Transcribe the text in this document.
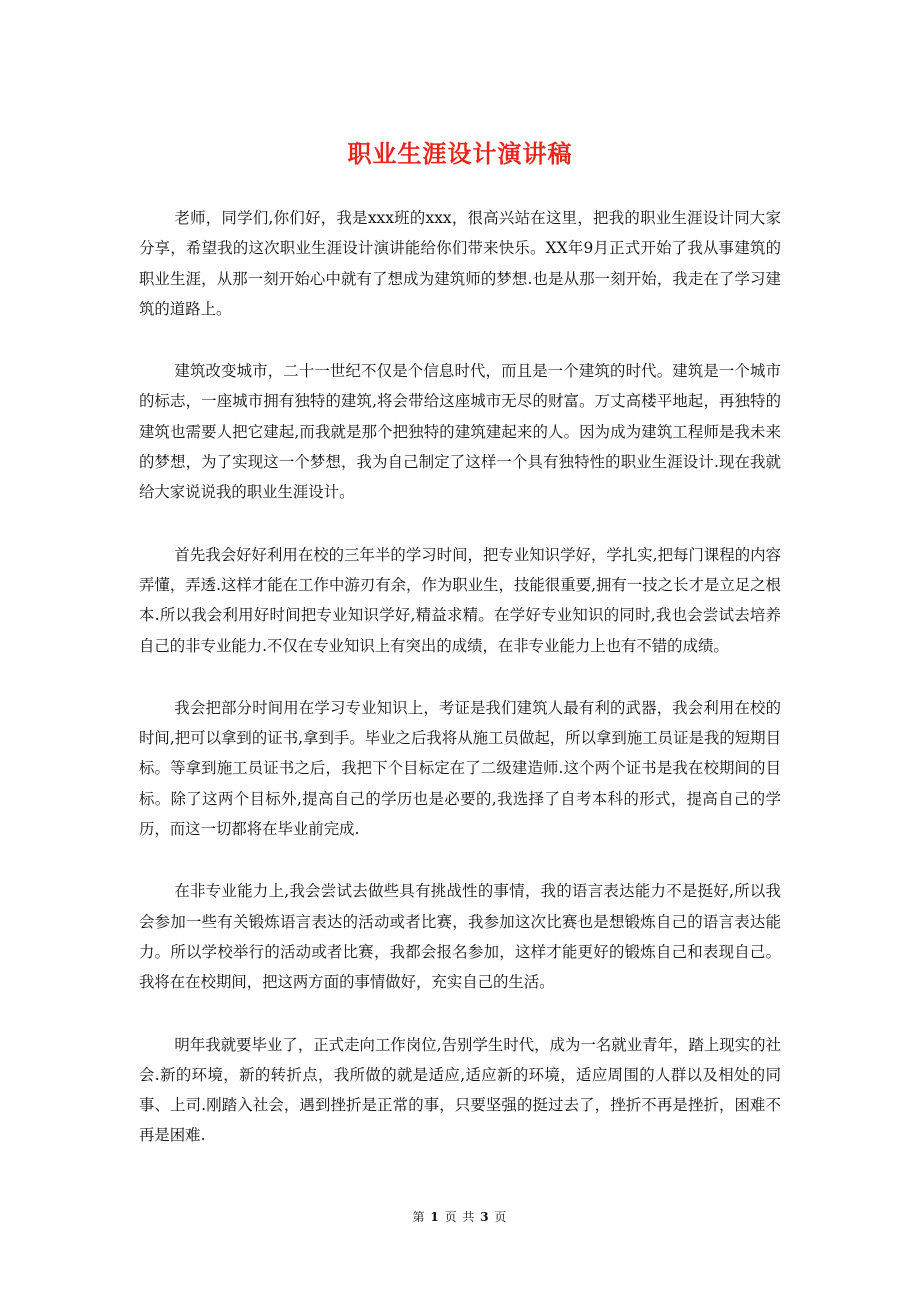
职业生涯设计演讲稿

老师，同学们,你们好，我是xxx班的xxx，很高兴站在这里，把我的职业生涯设计同大家分享，希望我的这次职业生涯设计演讲能给你们带来快乐。XX年9月正式开始了我从事建筑的职业生涯，从那一刻开始心中就有了想成为建筑师的梦想.也是从那一刻开始，我走在了学习建筑的道路上。

建筑改变城市，二十一世纪不仅是个信息时代，而且是一个建筑的时代。建筑是一个城市的标志，一座城市拥有独特的建筑,将会带给这座城市无尽的财富。万丈高楼平地起，再独特的建筑也需要人把它建起,而我就是那个把独特的建筑建起来的人。因为成为建筑工程师是我未来的梦想，为了实现这一个梦想，我为自己制定了这样一个具有独特性的职业生涯设计.现在我就给大家说说我的职业生涯设计。

首先我会好好利用在校的三年半的学习时间，把专业知识学好，学扎实,把每门课程的内容弄懂，弄透.这样才能在工作中游刃有余，作为职业生，技能很重要,拥有一技之长才是立足之根本.所以我会利用好时间把专业知识学好,精益求精。在学好专业知识的同时,我也会尝试去培养自己的非专业能力.不仅在专业知识上有突出的成绩，在非专业能力上也有不错的成绩。

我会把部分时间用在学习专业知识上，考证是我们建筑人最有利的武器，我会利用在校的时间,把可以拿到的证书,拿到手。毕业之后我将从施工员做起，所以拿到施工员证是我的短期目标。等拿到施工员证书之后，我把下个目标定在了二级建造师.这个两个证书是我在校期间的目标。除了这两个目标外,提高自己的学历也是必要的,我选择了自考本科的形式，提高自己的学历，而这一切都将在毕业前完成.

在非专业能力上,我会尝试去做些具有挑战性的事情，我的语言表达能力不是挺好,所以我会参加一些有关锻炼语言表达的活动或者比赛，我参加这次比赛也是想锻炼自己的语言表达能力。所以学校举行的活动或者比赛，我都会报名参加，这样才能更好的锻炼自己和表现自己。我将在在校期间，把这两方面的事情做好，充实自己的生活。

明年我就要毕业了，正式走向工作岗位,告别学生时代，成为一名就业青年，踏上现实的社会.新的环境，新的转折点，我所做的就是适应,适应新的环境，适应周围的人群以及相处的同事、上司.刚踏入社会，遇到挫折是正常的事，只要坚强的挺过去了，挫折不再是挫折，困难不再是困难.

第 1 页 共 3 页
